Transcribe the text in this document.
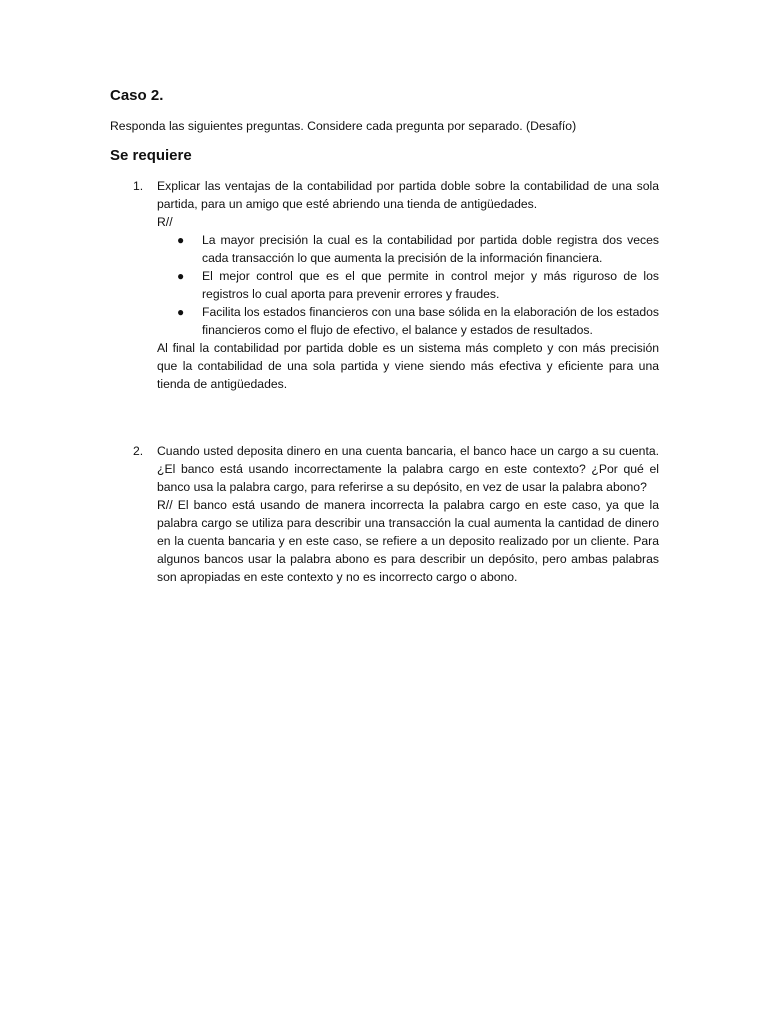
Caso 2.

Responda las siguientes preguntas. Considere cada pregunta por separado. (Desafío)

Se requiere
1. Explicar las ventajas de la contabilidad por partida doble sobre la contabilidad de una sola partida, para un amigo que esté abriendo una tienda de antigüedades.

R//

● La mayor precisión la cual es la contabilidad por partida doble registra dos veces cada transacción lo que aumenta la precisión de la información financiera.
● El mejor control que es el que permite in control mejor y más riguroso de los registros lo cual aporta para prevenir errores y fraudes.
● Facilita los estados financieros con una base sólida en la elaboración de los estados financieros como el flujo de efectivo, el balance y estados de resultados.

Al final la contabilidad por partida doble es un sistema más completo y con más precisión que la contabilidad de una sola partida y viene siendo más efectiva y eficiente para una tienda de antigüedades.

2. Cuando usted deposita dinero en una cuenta bancaria, el banco hace un cargo a su cuenta. ¿El banco está usando incorrectamente la palabra cargo en este contexto? ¿Por qué el banco usa la palabra cargo, para referirse a su depósito, en vez de usar la palabra abono?

R// El banco está usando de manera incorrecta la palabra cargo en este caso, ya que la palabra cargo se utiliza para describir una transacción la cual aumenta la cantidad de dinero en la cuenta bancaria y en este caso, se refiere a un deposito realizado por un cliente. Para algunos bancos usar la palabra abono es para describir un depósito, pero ambas palabras son apropiadas en este contexto y no es incorrecto cargo o abono.
